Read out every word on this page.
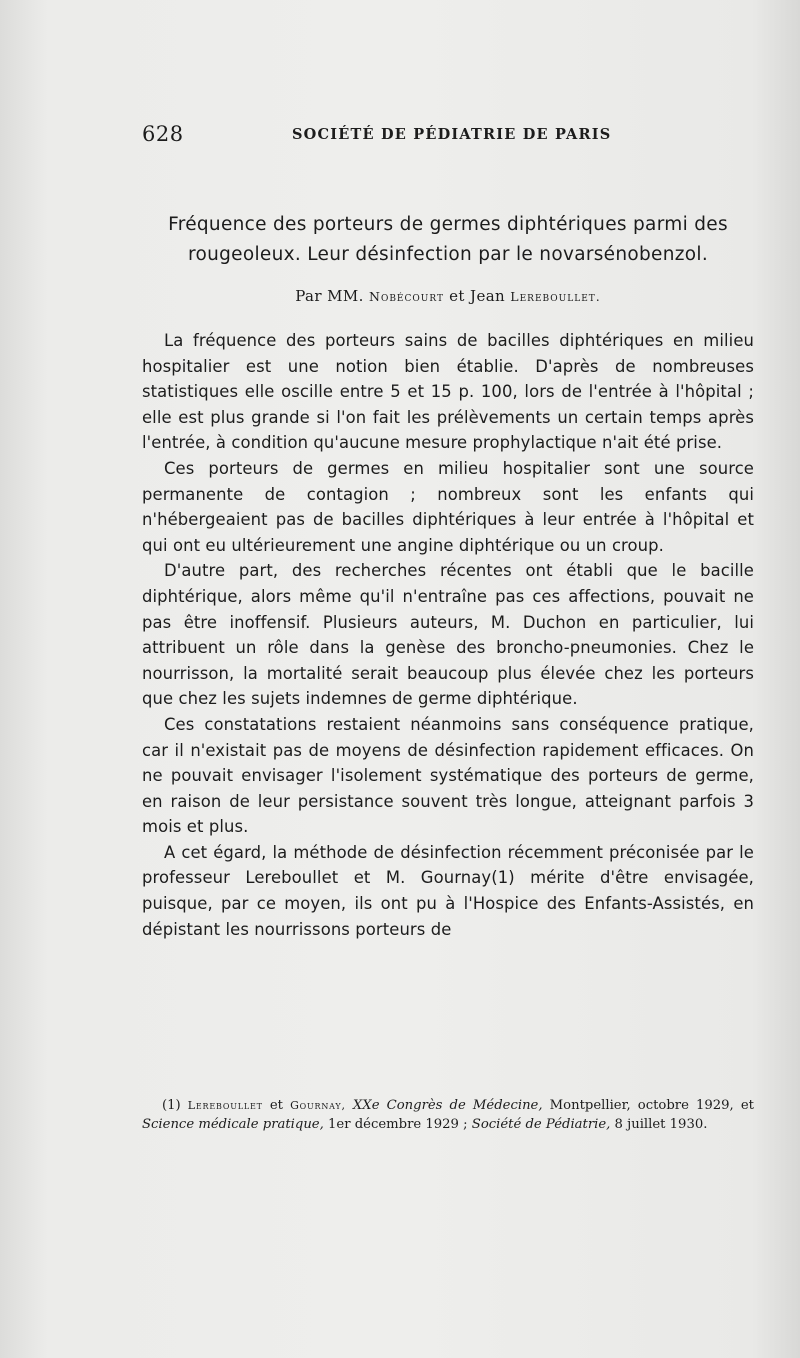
628	SOCIÉTÉ DE PÉDIATRIE DE PARIS
Fréquence des porteurs de germes diphtériques parmi des rougeoleux. Leur désinfection par le novarsénobenzol.
Par MM. Nobécourt et Jean Lereboullet.

La fréquence des porteurs sains de bacilles diphtériques en milieu hospitalier est une notion bien établie. D'après de nombreuses statistiques elle oscille entre 5 et 15 p. 100, lors de l'entrée à l'hôpital ; elle est plus grande si l'on fait les prélèvements un certain temps après l'entrée, à condition qu'aucune mesure prophylactique n'ait été prise.

Ces porteurs de germes en milieu hospitalier sont une source permanente de contagion ; nombreux sont les enfants qui n'hébergeaient pas de bacilles diphtériques à leur entrée à l'hôpital et qui ont eu ultérieurement une angine diphtérique ou un croup.

D'autre part, des recherches récentes ont établi que le bacille diphtérique, alors même qu'il n'entraîne pas ces affections, pouvait ne pas être inoffensif. Plusieurs auteurs, M. Duchon en particulier, lui attribuent un rôle dans la genèse des broncho-pneumonies. Chez le nourrisson, la mortalité serait beaucoup plus élevée chez les porteurs que chez les sujets indemnes de germe diphtérique.

Ces constatations restaient néanmoins sans conséquence pratique, car il n'existait pas de moyens de désinfection rapidement efficaces. On ne pouvait envisager l'isolement systématique des porteurs de germe, en raison de leur persistance souvent très longue, atteignant parfois 3 mois et plus.

A cet égard, la méthode de désinfection récemment préconisée par le professeur Lereboullet et M. Gournay(1) mérite d'être envisagée, puisque, par ce moyen, ils ont pu à l'Hospice des Enfants-Assistés, en dépistant les nourrissons porteurs de

(1) Lereboullet et Gournay, XXe Congrès de Médecine, Montpellier, octobre 1929, et Science médicale pratique, 1er décembre 1929 ; Société de Pédiatrie, 8 juillet 1930.
